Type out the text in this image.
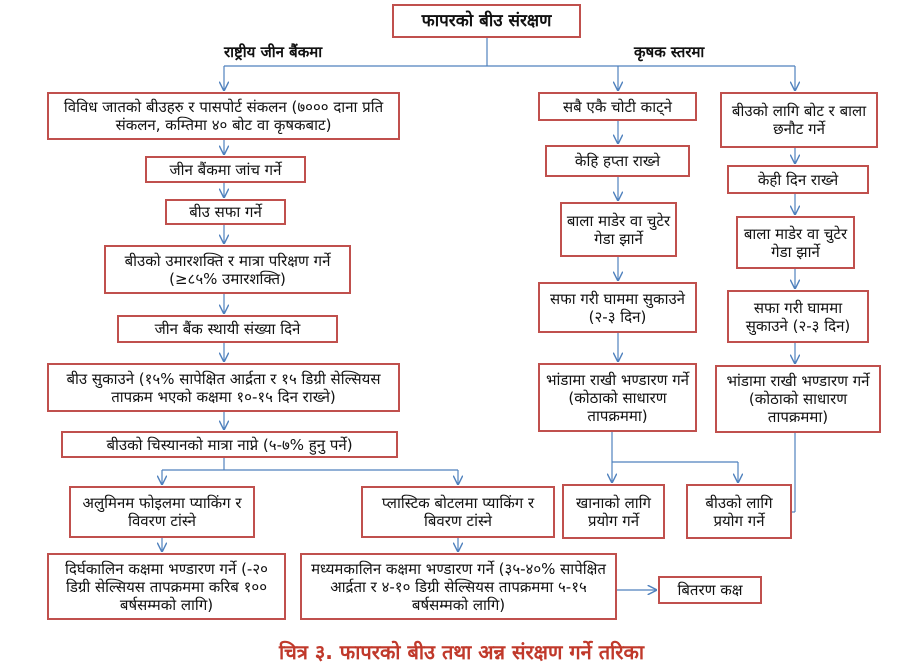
फापरको बीउ संरक्षण
राष्ट्रीय जीन बैंकमा	कृषक स्तरमा
विविध जातको बीउहरु र पासपोर्ट संकलन (७००० दाना प्रति संकलन, कम्तिमा ४० बोट वा कृषकबाट)
जीन बैंकमा जांच गर्ने
बीउ सफा गर्ने
बीउको उमारशक्ति र मात्रा परिक्षण गर्ने (≥८५% उमारशक्ति)
जीन बैंक स्थायी संख्या दिने
बीउ सुकाउने (१५% सापेक्षित आर्द्रता र १५ डिग्री सेल्सियस तापक्रम भएको कक्षमा १०-१५ दिन राख्ने)
बीउको चिस्यानको मात्रा नाप्ने (५-७% हुनु पर्ने)
अलुमिनम फोइलमा प्याकिंग र विवरण टांस्ने
प्लास्टिक बोटलमा प्याकिंग र बिवरण टांस्ने
दिर्घकालिन कक्षमा भण्डारण गर्ने (-२० डिग्री सेल्सियस तापक्रममा करिब १०० बर्षसम्मको लागि)
मध्यमकालिन कक्षमा भण्डारण गर्ने (३५-४०% सापेक्षित आर्द्रता र ४-१० डिग्री सेल्सियस तापक्रममा ५-१५ बर्षसम्मको लागि)
बितरण कक्ष
सबै एकै चोटी काट्ने
केहि हप्ता राख्ने
बाला माडेर वा चुटेर गेडा झार्ने
सफा गरी घाममा सुकाउने (२-३ दिन)
भांडामा राखी भण्डारण गर्ने (कोठाको साधारण तापक्रममा)
खानाको लागि प्रयोग गर्ने
बीउको लागि बोट र बाला छनौट गर्ने
केही दिन राख्ने
बाला माडेर वा चुटेर गेडा झार्ने
सफा गरी घाममा सुकाउने (२-३ दिन)
भांडामा राखी भण्डारण गर्ने (कोठाको साधारण तापक्रममा)
बीउको लागि प्रयोग गर्ने
चित्र ३. फापरको बीउ तथा अन्न संरक्षण गर्ने तरिका
